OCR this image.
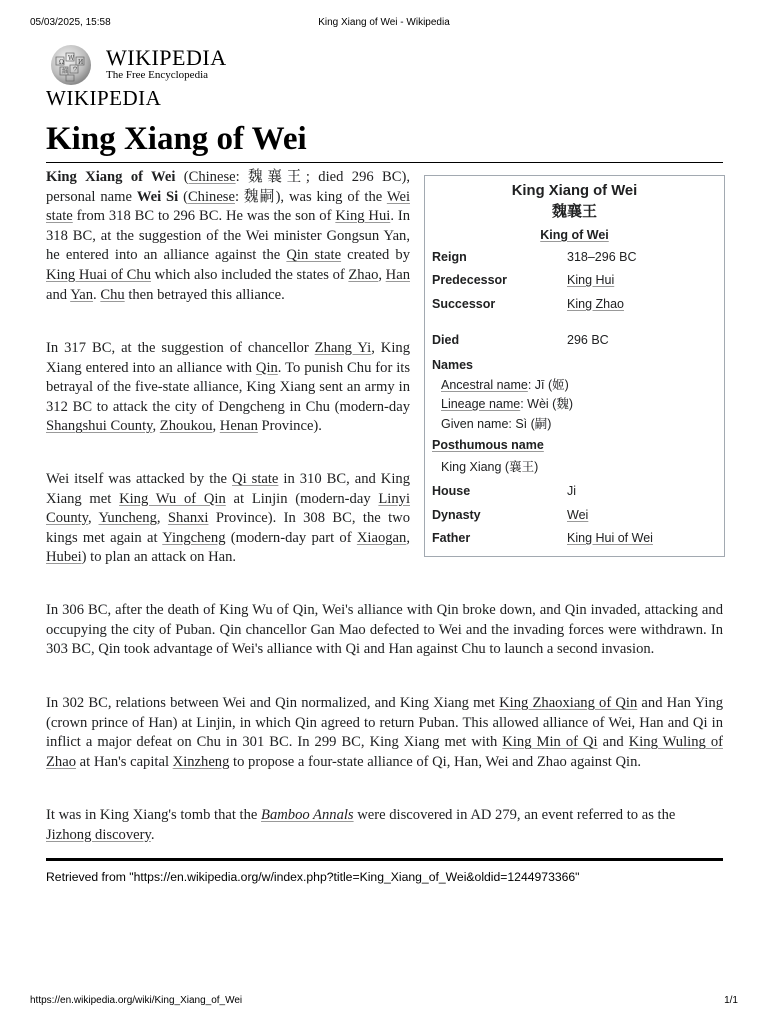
05/03/2025, 15:58	King Xiang of Wei - Wikipedia
Ω
W
И
維 ウ WIKIPEDIA
The Free Encyclopedia
WIKIPEDIA
King Xiang of Wei

King Xiang of Wei (Chinese: 魏襄王; died 296 BC), personal name Wei Si (Chinese: 魏嗣), was king of the Wei state from 318 BC to 296 BC. He was the son of King Hui. In 318 BC, at the suggestion of the Wei minister Gongsun Yan, he entered into an alliance against the Qin state created by King Huai of Chu which also included the states of Zhao, Han and Yan. Chu then betrayed this alliance.

In 317 BC, at the suggestion of chancellor Zhang Yi, King Xiang entered into an alliance with Qin. To punish Chu for its betrayal of the five-state alliance, King Xiang sent an army in 312 BC to attack the city of Dengcheng in Chu (modern-day Shangshui County, Zhoukou, Henan Province).

Wei itself was attacked by the Qi state in 310 BC, and King Xiang met King Wu of Qin at Linjin (modern-day Linyi County, Yuncheng, Shanxi Province). In 308 BC, the two kings met again at Yingcheng (modern-day part of Xiaogan, Hubei) to plan an attack on Han.

King Xiang of Wei
魏襄王
King of Wei
Reign	318–296 BC
Predecessor	King Hui
Successor	King Zhao
Died	296 BC
Names
Ancestral name: Jī (姬)
Lineage name: Wèi (魏)
Given name: Sì (嗣)
Posthumous name
King Xiang (襄王)
House	Ji
Dynasty	Wei
Father	King Hui of Wei

In 306 BC, after the death of King Wu of Qin, Wei's alliance with Qin broke down, and Qin invaded, attacking and occupying the city of Puban. Qin chancellor Gan Mao defected to Wei and the invading forces were withdrawn. In 303 BC, Qin took advantage of Wei's alliance with Qi and Han against Chu to launch a second invasion.

In 302 BC, relations between Wei and Qin normalized, and King Xiang met King Zhaoxiang of Qin and Han Ying (crown prince of Han) at Linjin, in which Qin agreed to return Puban. This allowed alliance of Wei, Han and Qi in inflict a major defeat on Chu in 301 BC. In 299 BC, King Xiang met with King Min of Qi and King Wuling of Zhao at Han's capital Xinzheng to propose a four-state alliance of Qi, Han, Wei and Zhao against Qin.

It was in King Xiang's tomb that the Bamboo Annals were discovered in AD 279, an event referred to as the Jizhong discovery.

Retrieved from "https://en.wikipedia.org/w/index.php?title=King_Xiang_of_Wei&oldid=1244973366"
https://en.wikipedia.org/wiki/King_Xiang_of_Wei	1/1
